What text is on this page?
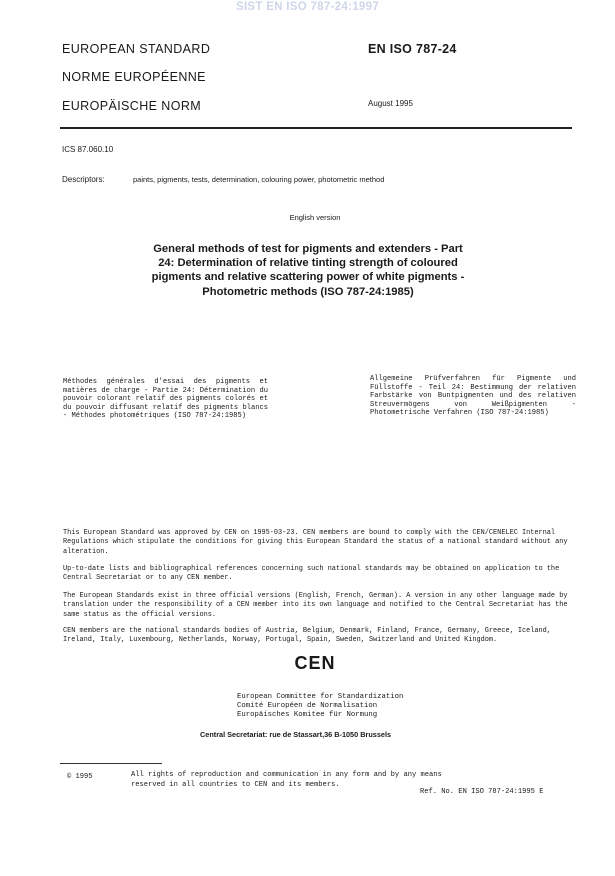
SIST EN ISO 787-24:1997
EUROPEAN STANDARD
NORME EUROPÉENNE
EUROPÄISCHE NORM
EN ISO 787-24
August 1995
ICS 87.060.10
Descriptors:	paints, pigments, tests, determination, colouring power, photometric method
English version
General methods of test for pigments and extenders - Part 24: Determination of relative tinting strength of coloured pigments and relative scattering power of white pigments - Photometric methods (ISO 787-24:1985)
Méthodes générales d'essai des pigments et matières de charge - Partie 24: Détermination du pouvoir colorant relatif des pigments colorés et du pouvoir diffusant relatif des pigments blancs - Méthodes photométriques (ISO 787-24:1985)
Allgemeine Prüfverfahren für Pigmente und Füllstoffe - Teil 24: Bestimmung der relativen Farbstärke von Buntpigmenten und des relativen Streuvermögens von Weißpigmenten - Photometrische Verfahren (ISO 787-24:1985)
This European Standard was approved by CEN on 1995-03-23. CEN members are bound to comply with the CEN/CENELEC Internal Regulations which stipulate the conditions for giving this European Standard the status of a national standard without any alteration.
Up-to-date lists and bibliographical references concerning such national standards may be obtained on application to the Central Secretariat or to any CEN member.
The European Standards exist in three official versions (English, French, German). A version in any other language made by translation under the responsibility of a CEN member into its own language and notified to the Central Secretariat has the same status as the official versions.
CEN members are the national standards bodies of Austria, Belgium, Denmark, Finland, France, Germany, Greece, Iceland, Ireland, Italy, Luxembourg, Netherlands, Norway, Portugal, Spain, Sweden, Switzerland and United Kingdom.
CEN
European Committee for Standardization
Comité Européen de Normalisation
Europäisches Komitee für Normung
Central Secretariat: rue de Stassart,36 B-1050 Brussels
© 1995	All rights of reproduction and communication in any form and by any means reserved in all countries to CEN and its members.
Ref. No. EN ISO 787-24:1995 E
